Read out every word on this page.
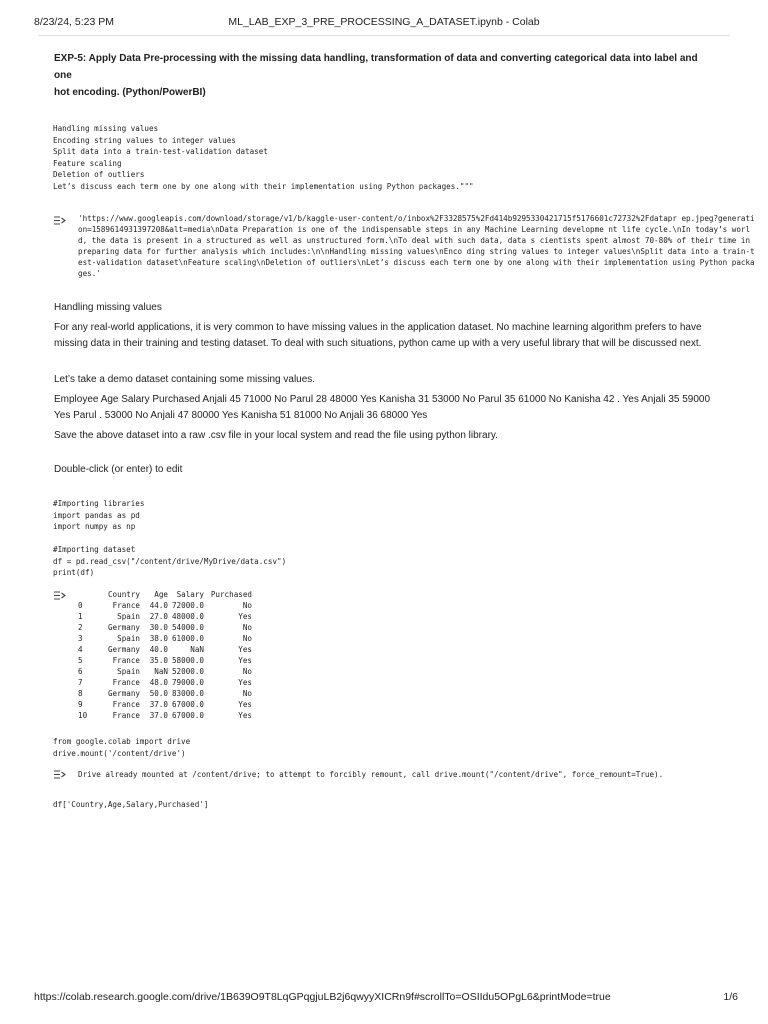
8/23/24, 5:23 PM	ML_LAB_EXP_3_PRE_PROCESSING_A_DATASET.ipynb - Colab

EXP-5: Apply Data Pre-processing with the missing data handling, transformation of data and converting categorical data into label and one

hot encoding. (Python/PowerBI)

Handling missing values
Encoding string values to integer values
Split data into a train-test-validation dataset
Feature scaling
Deletion of outliers
Let’s discuss each term one by one along with their implementation using Python packages."""
'https://www.googleapis.com/download/storage/v1/b/kaggle-user-content/o/inbox%2F3328575%2Fd414b9295330421715f5176601c72732%2Fdatapr ep.jpeg?generation=1589614931397208&alt=media\nData Preparation is one of the indispensable steps in any Machine Learning developme nt life cycle.\nIn today’s world, the data is present in a structured as well as unstructured form.\nTo deal with such data, data s cientists spent almost 70-80% of their time in preparing data for further analysis which includes:\n\nHandling missing values\nEnco ding string values to integer values\nSplit data into a train-test-validation dataset\nFeature scaling\nDeletion of outliers\nLet’s discuss each term one by one along with their implementation using Python packages.'
Handling missing values
For any real-world applications, it is very common to have missing values in the application dataset. No machine learning algorithm prefers to have missing data in their training and testing dataset. To deal with such situations, python came up with a very useful library that will be discussed next.
Let’s take a demo dataset containing some missing values.
Employee Age Salary Purchased Anjali 45 71000 No Parul 28 48000 Yes Kanisha 31 53000 No Parul 35 61000 No Kanisha 42 . Yes Anjali 35 59000 Yes Parul . 53000 No Anjali 47 80000 Yes Kanisha 51 81000 No Anjali 36 68000 Yes
Save the above dataset into a raw .csv file in your local system and read the file using python library.
Double-click (or enter) to edit
#Importing libraries
import pandas as pd
import numpy as np

#Importing dataset
df = pd.read_csv("/content/drive/MyDrive/data.csv")
print(df)
	Country	Age	Salary	Purchased
0	France	44.0	72000.0	No
1	Spain	27.0	48000.0	Yes
2	Germany	30.0	54000.0	No
3	Spain	38.0	61000.0	No
4	Germany	40.0	NaN	Yes
5	France	35.0	58000.0	Yes
6	Spain	NaN	52000.0	No
7	France	48.0	79000.0	Yes
8	Germany	50.0	83000.0	No
9	France	37.0	67000.0	Yes
10	France	37.0	67000.0	Yes
from google.colab import drive
drive.mount('/content/drive')
Drive already mounted at /content/drive; to attempt to forcibly remount, call drive.mount("/content/drive", force_remount=True).
df['Country,Age,Salary,Purchased']
https://colab.research.google.com/drive/1B639O9T8LqGPqgjuLB2j6qwyyXICRn9f#scrollTo=OSIIdu5OPgL6&printMode=true	1/6
